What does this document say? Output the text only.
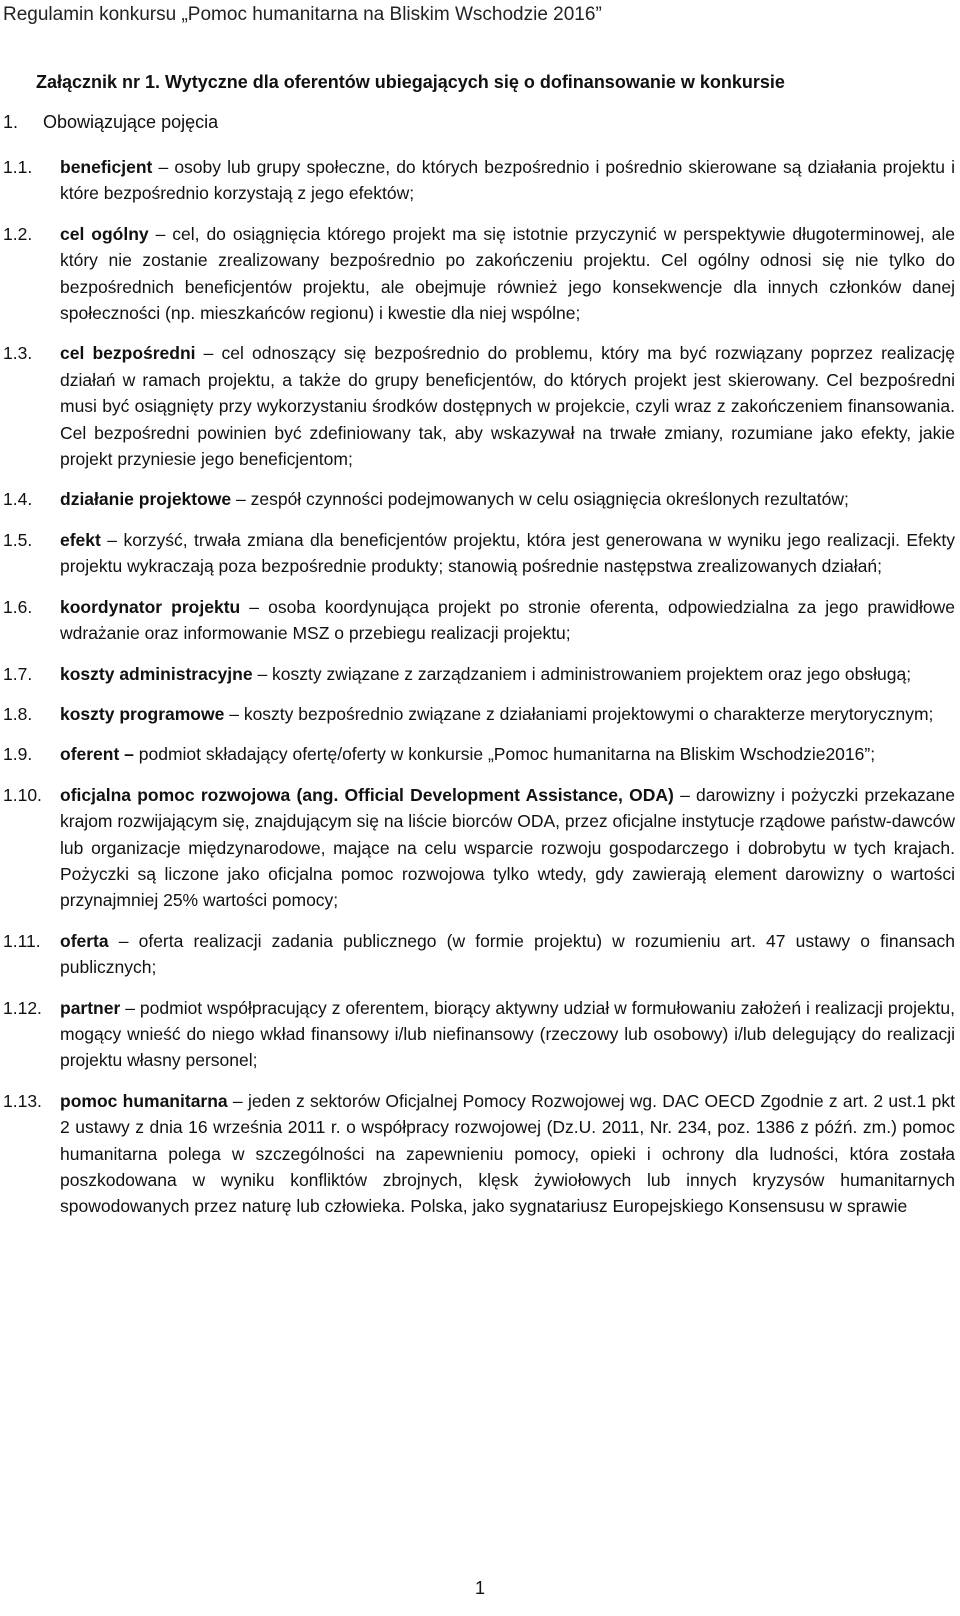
Regulamin konkursu „Pomoc humanitarna na Bliskim Wschodzie 2016”
Załącznik nr 1. Wytyczne dla oferentów ubiegających się o dofinansowanie w konkursie
1. Obowiązujące pojęcia
1.1.	beneficjent – osoby lub grupy społeczne, do których bezpośrednio i pośrednio skierowane są działania projektu i które bezpośrednio korzystają z jego efektów;
1.2.	cel ogólny – cel, do osiągnięcia którego projekt ma się istotnie przyczynić w perspektywie długoterminowej, ale który nie zostanie zrealizowany bezpośrednio po zakończeniu projektu. Cel ogólny odnosi się nie tylko do bezpośrednich beneficjentów projektu, ale obejmuje również jego konsekwencje dla innych członków danej społeczności (np. mieszkańców regionu) i kwestie dla niej wspólne;
1.3.	cel bezpośredni – cel odnoszący się bezpośrednio do problemu, który ma być rozwiązany poprzez realizację działań w ramach projektu, a także do grupy beneficjentów, do których projekt jest skierowany. Cel bezpośredni musi być osiągnięty przy wykorzystaniu środków dostępnych w projekcie, czyli wraz z zakończeniem finansowania. Cel bezpośredni powinien być zdefiniowany tak, aby wskazywał na trwałe zmiany, rozumiane jako efekty, jakie projekt przyniesie jego beneficjentom;
1.4.	działanie projektowe – zespół czynności podejmowanych w celu osiągnięcia określonych rezultatów;
1.5.	efekt – korzyść, trwała zmiana dla beneficjentów projektu, która jest generowana w wyniku jego realizacji. Efekty projektu wykraczają poza bezpośrednie produkty; stanowią pośrednie następstwa zrealizowanych działań;
1.6.	koordynator projektu – osoba koordynująca projekt po stronie oferenta, odpowiedzialna za jego prawidłowe wdrażanie oraz informowanie MSZ o przebiegu realizacji projektu;
1.7.	koszty administracyjne – koszty związane z zarządzaniem i administrowaniem projektem oraz jego obsługą;
1.8.	koszty programowe – koszty bezpośrednio związane z działaniami projektowymi o charakterze merytorycznym;
1.9.	oferent – podmiot składający ofertę/oferty w konkursie „Pomoc humanitarna na Bliskim Wschodzie2016”;
1.10.	oficjalna pomoc rozwojowa (ang. Official Development Assistance, ODA) – darowizny i pożyczki przekazane krajom rozwijającym się, znajdującym się na liście biorców ODA, przez oficjalne instytucje rządowe państw-dawców lub organizacje międzynarodowe, mające na celu wsparcie rozwoju gospodarczego i dobrobytu w tych krajach. Pożyczki są liczone jako oficjalna pomoc rozwojowa tylko wtedy, gdy zawierają element darowizny o wartości przynajmniej 25% wartości pomocy;
1.11.	oferta – oferta realizacji zadania publicznego (w formie projektu) w rozumieniu art. 47 ustawy o finansach publicznych;
1.12.	partner – podmiot współpracujący z oferentem, biorący aktywny udział w formułowaniu założeń i realizacji projektu, mogący wnieść do niego wkład finansowy i/lub niefinansowy (rzeczowy lub osobowy) i/lub delegujący do realizacji projektu własny personel;
1.13.	pomoc humanitarna – jeden z sektorów Oficjalnej Pomocy Rozwojowej wg. DAC OECD Zgodnie z art. 2 ust.1 pkt 2 ustawy z dnia 16 września 2011 r. o współpracy rozwojowej (Dz.U. 2011, Nr. 234, poz. 1386 z późń. zm.) pomoc humanitarna polega w szczególności na zapewnieniu pomocy, opieki i ochrony dla ludności, która została poszkodowana w wyniku konfliktów zbrojnych, klęsk żywiołowych lub innych kryzysów humanitarnych spowodowanych przez naturę lub człowieka. Polska, jako sygnatariusz Europejskiego Konsensusu w sprawie
1
